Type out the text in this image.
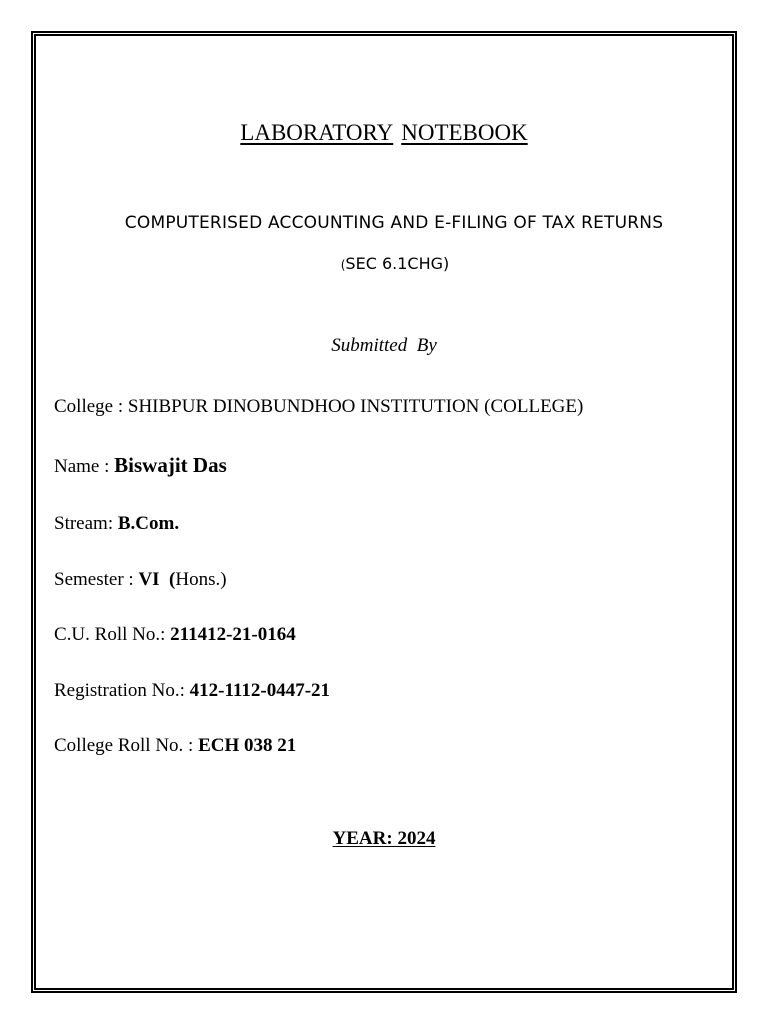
LABORATORY NOTEBOOK
COMPUTERISED ACCOUNTING AND E-FILING OF TAX RETURNS
(SEC 6.1CHG)
Submitted  By
College : SHIBPUR DINOBUNDHOO INSTITUTION (COLLEGE)
Name : Biswajit Das
Stream: B.Com.
Semester : VI  (Hons.)
C.U. Roll No.: 211412-21-0164
Registration No.: 412-1112-0447-21
College Roll No. : ECH 038 21
YEAR: 2024
